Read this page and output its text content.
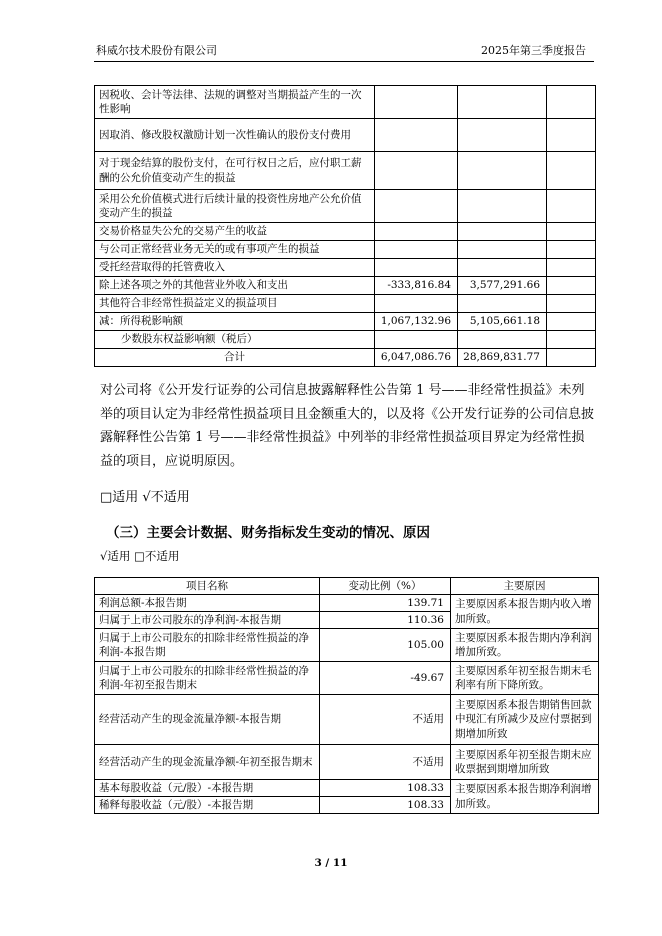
科威尔技术股份有限公司	2025年第三季度报告
因税收、会计等法律、法规的调整对当期损益产生的一次性影响			
因取消、修改股权激励计划一次性确认的股份支付费用			
对于现金结算的股份支付，在可行权日之后，应付职工薪酬的公允价值变动产生的损益			
采用公允价值模式进行后续计量的投资性房地产公允价值变动产生的损益			
交易价格显失公允的交易产生的收益			
与公司正常经营业务无关的或有事项产生的损益			
受托经营取得的托管费收入			
除上述各项之外的其他营业外收入和支出	-333,816.84	3,577,291.66	
其他符合非经常性损益定义的损益项目			
减：所得税影响额	1,067,132.96	5,105,661.18	
少数股东权益影响额（税后）			
合计	6,047,086.76	28,869,831.77	
对公司将《公开发行证券的公司信息披露解释性公告第 1 号——非经常性损益》未列举的项目认定为非经常性损益项目且金额重大的，以及将《公开发行证券的公司信息披露解释性公告第 1 号——非经常性损益》中列举的非经常性损益项目界定为经常性损益的项目，应说明原因。
□适用 √不适用
（三）主要会计数据、财务指标发生变动的情况、原因
√适用 □不适用
项目名称	变动比例（%）	主要原因
利润总额-本报告期	139.71	主要原因系本报告期内收入增加所致。
归属于上市公司股东的净利润-本报告期	110.36	
归属于上市公司股东的扣除非经常性损益的净利润-本报告期	105.00	主要原因系本报告期内净利润增加所致。
归属于上市公司股东的扣除非经常性损益的净利润-年初至报告期末	-49.67	主要原因系年初至报告期末毛利率有所下降所致。
经营活动产生的现金流量净额-本报告期	不适用	主要原因系本报告期销售回款中现汇有所减少及应付票据到期增加所致
经营活动产生的现金流量净额-年初至报告期末	不适用	主要原因系年初至报告期末应收票据到期增加所致
基本每股收益（元/股）-本报告期	108.33	主要原因系本报告期净利润增加所致。
稀释每股收益（元/股）-本报告期	108.33	
3 / 11
